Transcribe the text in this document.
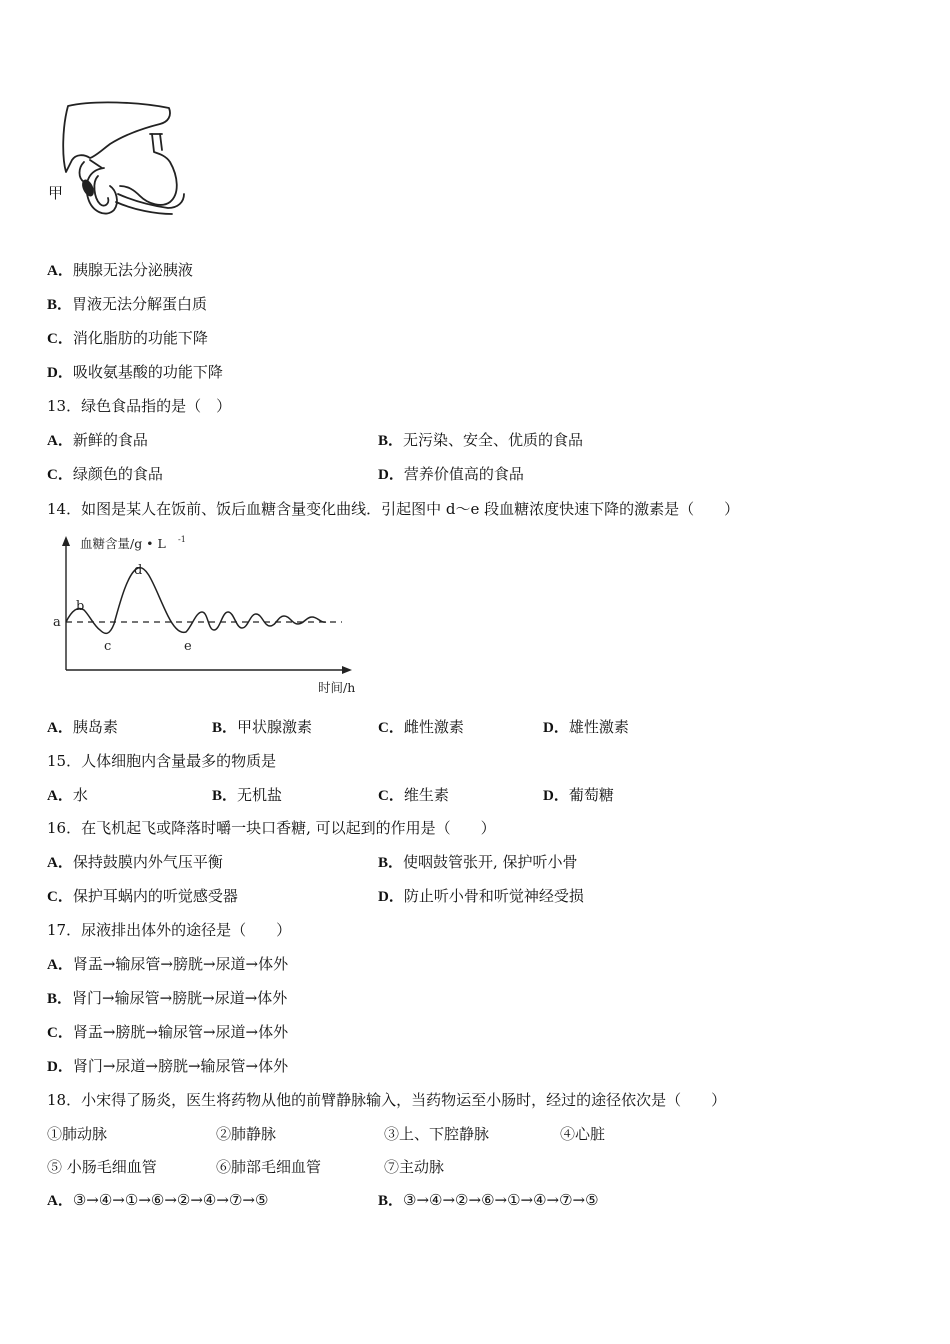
甲
A．胰腺无法分泌胰液
B．胃液无法分解蛋白质
C．消化脂肪的功能下降
D．吸收氨基酸的功能下降
13．绿色食品指的是（　）
A．新鲜的食品	B．无污染、安全、优质的食品
C．绿颜色的食品	D．营养价值高的食品
14．如图是某人在饭前、饭后血糖含量变化曲线．引起图中 d～e 段血糖浓度快速下降的激素是（　　）
血糖含量/g • L -1
时间/h
a
b
c
d
e
A．胰岛素	B．甲状腺激素	C．雌性激素	D．雄性激素
15．人体细胞内含量最多的物质是
A．水	B．无机盐	C．维生素	D．葡萄糖
16．在飞机起飞或降落时嚼一块口香糖, 可以起到的作用是（　　）
A．保持鼓膜内外气压平衡	B．使咽鼓管张开, 保护听小骨
C．保护耳蜗内的听觉感受器	D．防止听小骨和听觉神经受损
17．尿液排出体外的途径是（　　）
A．肾盂→输尿管→膀胱→尿道→体外
B．肾门→输尿管→膀胱→尿道→体外
C．肾盂→膀胱→输尿管→尿道→体外
D．肾门→尿道→膀胱→输尿管→体外
18．小宋得了肠炎，医生将药物从他的前臂静脉输入，当药物运至小肠时，经过的途径依次是（　　）
①肺动脉	②肺静脉	③上、下腔静脉	④心脏
⑤ 小肠毛细血管	⑥肺部毛细血管	⑦主动脉
A．③→④→①→⑥→②→④→⑦→⑤	B．③→④→②→⑥→①→④→⑦→⑤
